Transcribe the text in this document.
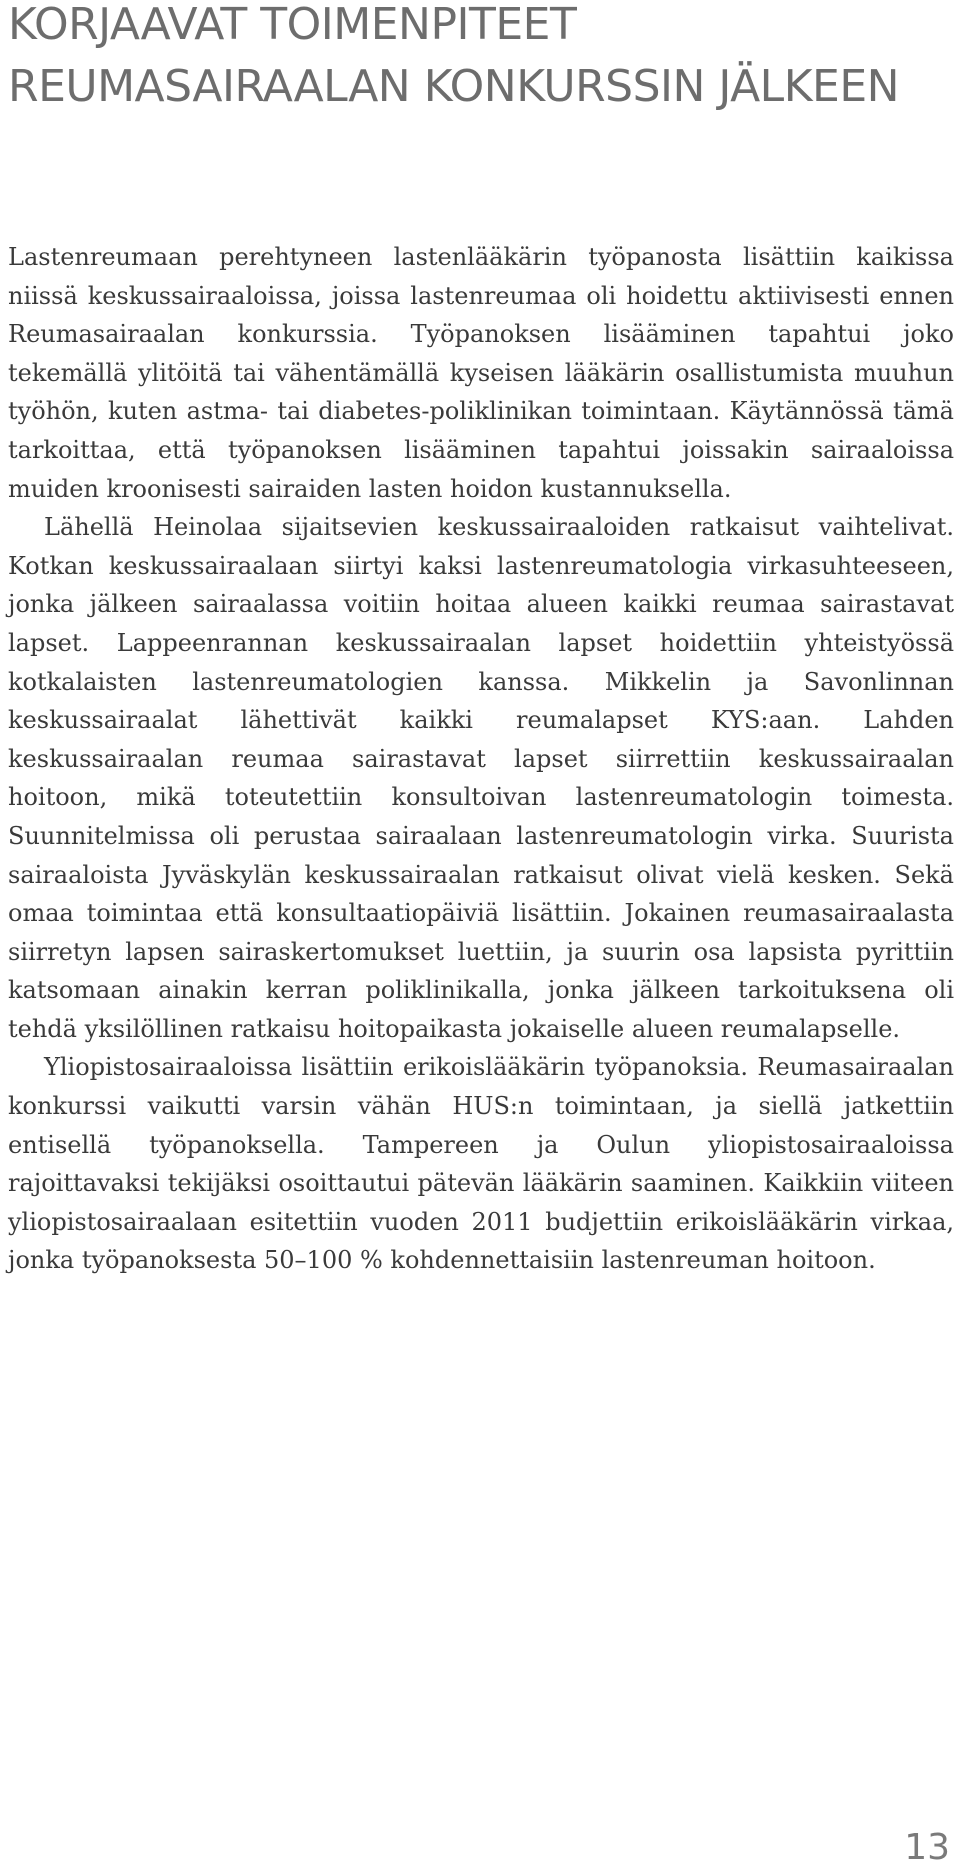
KORJAAVAT TOIMENPITEET
REUMASAIRAALAN KONKURSSIN JÄLKEEN

Lastenreumaan perehtyneen lastenlääkärin työpanosta lisättiin kaikissa niissä keskussairaaloissa, joissa lastenreumaa oli hoidettu aktiivisesti ennen Reumasairaalan konkurssia. Työpanoksen lisääminen tapahtui joko tekemällä ylitöitä tai vähentämällä kyseisen lääkärin osallistumista muuhun työhön, kuten astma- tai diabetes-poliklinikan toimintaan. Käytännössä tämä tarkoittaa, että työpanoksen lisääminen tapahtui joissakin sairaaloissa muiden kroonisesti sairaiden lasten hoidon kustannuksella.

Lähellä Heinolaa sijaitsevien keskussairaaloiden ratkaisut vaihtelivat. Kotkan keskussairaalaan siirtyi kaksi lastenreumatologia virkasuhteeseen, jonka jälkeen sairaalassa voitiin hoitaa alueen kaikki reumaa sairastavat lapset. Lappeenrannan keskussairaalan lapset hoidettiin yhteistyössä kotkalaisten lastenreumatologien kanssa. Mikkelin ja Savonlinnan keskussairaalat lähettivät kaikki reumalapset KYS:aan. Lahden keskussairaalan reumaa sairastavat lapset siirrettiin keskussairaalan hoitoon, mikä toteutettiin konsultoivan lastenreumatologin toimesta. Suunnitelmissa oli perustaa sairaalaan lastenreumatologin virka. Suurista sairaaloista Jyväskylän keskussairaalan ratkaisut olivat vielä kesken. Sekä omaa toimintaa että konsultaatiopäiviä lisättiin. Jokainen reumasairaalasta siirretyn lapsen sairaskertomukset luettiin, ja suurin osa lapsista pyrittiin katsomaan ainakin kerran poliklinikalla, jonka jälkeen tarkoituksena oli tehdä yksilöllinen ratkaisu hoitopaikasta jokaiselle alueen reumalapselle.

Yliopistosairaaloissa lisättiin erikoislääkärin työpanoksia. Reumasairaalan konkurssi vaikutti varsin vähän HUS:n toimintaan, ja siellä jatkettiin entisellä työpanoksella. Tampereen ja Oulun yliopistosairaaloissa rajoittavaksi tekijäksi osoittautui pätevän lääkärin saaminen. Kaikkiin viiteen yliopistosairaalaan esitettiin vuoden 2011 budjettiin erikoislääkärin virkaa, jonka työpanoksesta 50–100 % kohdennettaisiin lastenreuman hoitoon.

13
